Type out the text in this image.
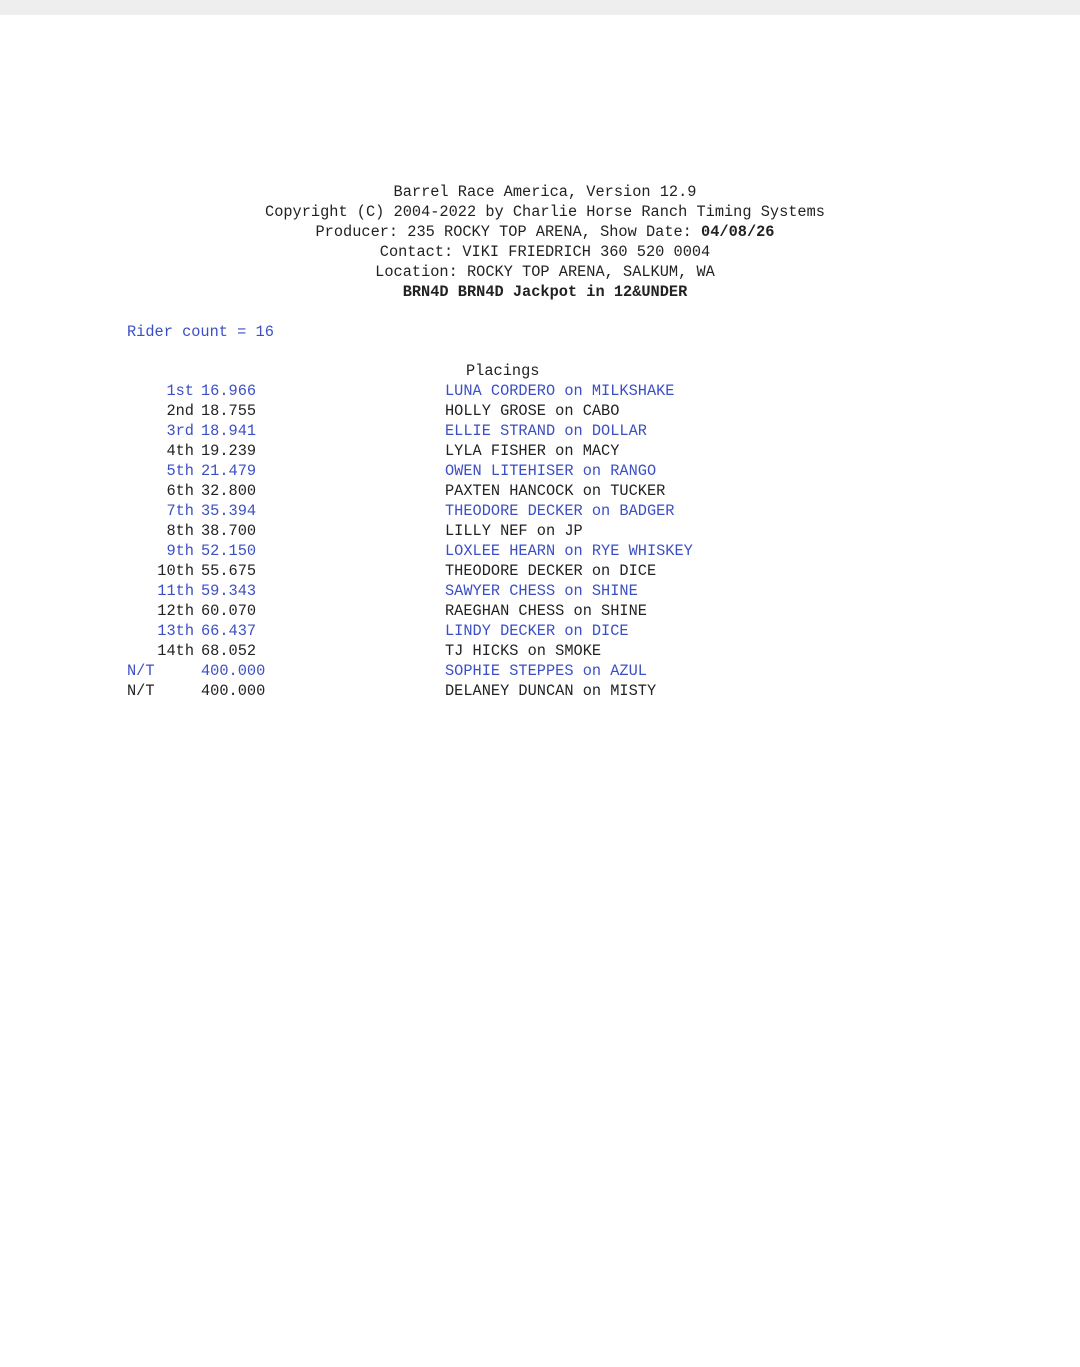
Barrel Race America, Version 12.9
Copyright (C) 2004-2022 by Charlie Horse Ranch Timing Systems
Producer: 235 ROCKY TOP ARENA, Show Date: 04/08/26
Contact: VIKI FRIEDRICH 360 520 0004
Location: ROCKY TOP ARENA, SALKUM, WA
BRN4D BRN4D Jackpot in 12&UNDER
Rider count = 16
Placings
1st 16.966	LUNA CORDERO on MILKSHAKE
2nd 18.755	HOLLY GROSE on CABO
3rd 18.941	ELLIE STRAND on DOLLAR
4th 19.239	LYLA FISHER on MACY
5th 21.479	OWEN LITEHISER on RANGO
6th 32.800	PAXTEN HANCOCK on TUCKER
7th 35.394	THEODORE DECKER on BADGER
8th 38.700	LILLY NEF on JP
9th 52.150	LOXLEE HEARN on RYE WHISKEY
10th 55.675	THEODORE DECKER on DICE
11th 59.343	SAWYER CHESS on SHINE
12th 60.070	RAEGHAN CHESS on SHINE
13th 66.437	LINDY DECKER on DICE
14th 68.052	TJ HICKS on SMOKE
N/T	400.000	SOPHIE STEPPES on AZUL
N/T	400.000	DELANEY DUNCAN on MISTY
